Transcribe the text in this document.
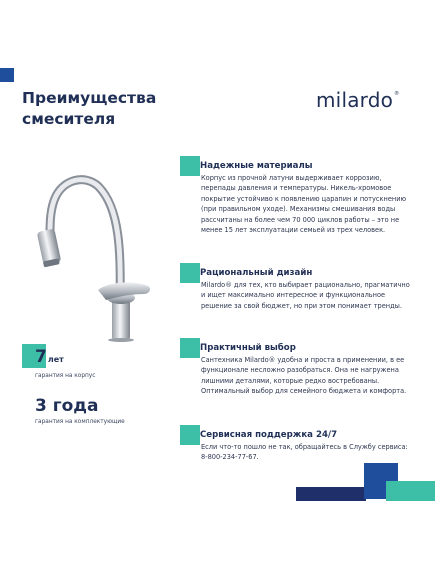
Преимущества смесителя
milardo ®
Надежные материалы
Корпус из прочной латуни выдерживает коррозию, перепады давления и температуры. Никель-хромовое покрытие устойчиво к появлению царапин и потускнению (при правильном уходе). Механизмы смешивания воды рассчитаны на более чем 70 000 циклов работы – это не менее 15 лет эксплуатации семьей из трех человек.
Рациональный дизайн
Milardo® для тех, кто выбирает рационально, прагматично и ищет максимально интересное и функциональное решение за свой бюджет, но при этом понимает тренды.
Практичный выбор
Сантехника Milardo® удобна и проста в применении, в ее функционале несложно разобраться. Она не нагружена лишними деталями, которые редко востребованы. Оптимальный выбор для семейного бюджета и комфорта.
Сервисная поддержка 24/7
Если что-то пошло не так, обращайтесь в Службу сервиса: 8-800-234-77-67.
7лет
гарантия на корпус
3 года
гарантия на комплектующие
